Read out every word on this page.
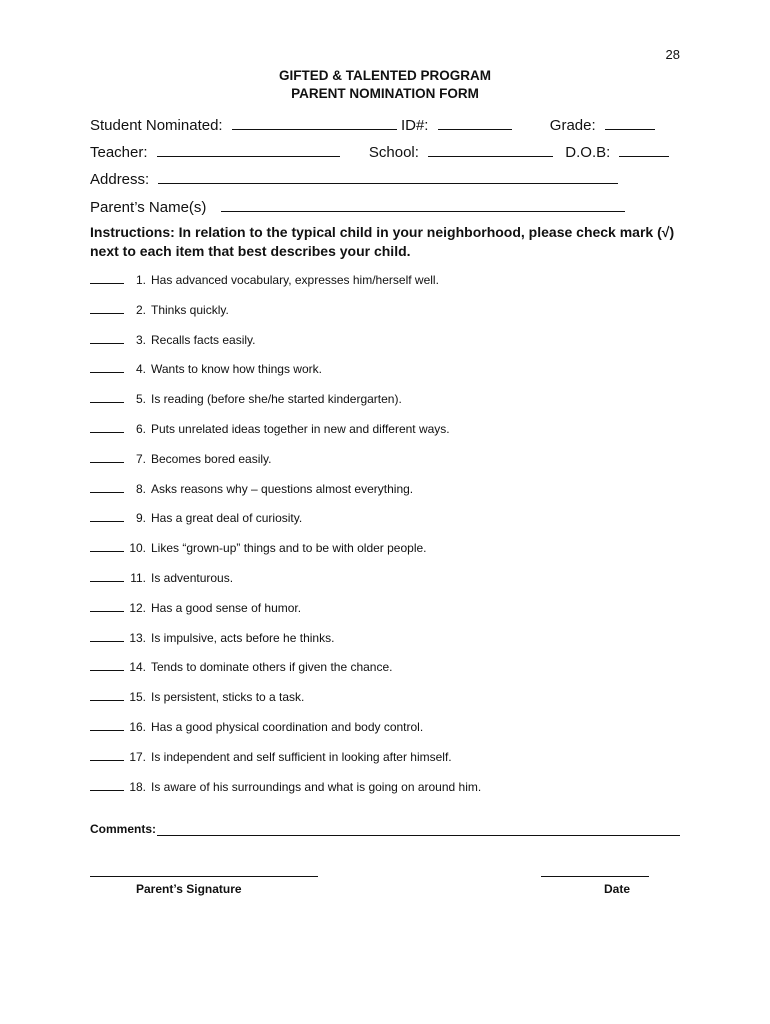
28
GIFTED & TALENTED PROGRAM
PARENT NOMINATION FORM
Student Nominated:	ID#:	Grade:
Teacher:	School:	D.O.B:
Address:
Parent’s Name(s)
Instructions: In relation to the typical child in your neighborhood, please check mark (√) next to each item that best describes your child.
1. Has advanced vocabulary, expresses him/herself well.
2. Thinks quickly.
3. Recalls facts easily.
4. Wants to know how things work.
5. Is reading (before she/he started kindergarten).
6. Puts unrelated ideas together in new and different ways.
7. Becomes bored easily.
8. Asks reasons why – questions almost everything.
9. Has a great deal of curiosity.
10. Likes “grown-up” things and to be with older people.
11. Is adventurous.
12. Has a good sense of humor.
13. Is impulsive, acts before he thinks.
14. Tends to dominate others if given the chance.
15. Is persistent, sticks to a task.
16. Has a good physical coordination and body control.
17. Is independent and self sufficient in looking after himself.
18. Is aware of his surroundings and what is going on around him.
Comments:
Parent’s Signature	Date
